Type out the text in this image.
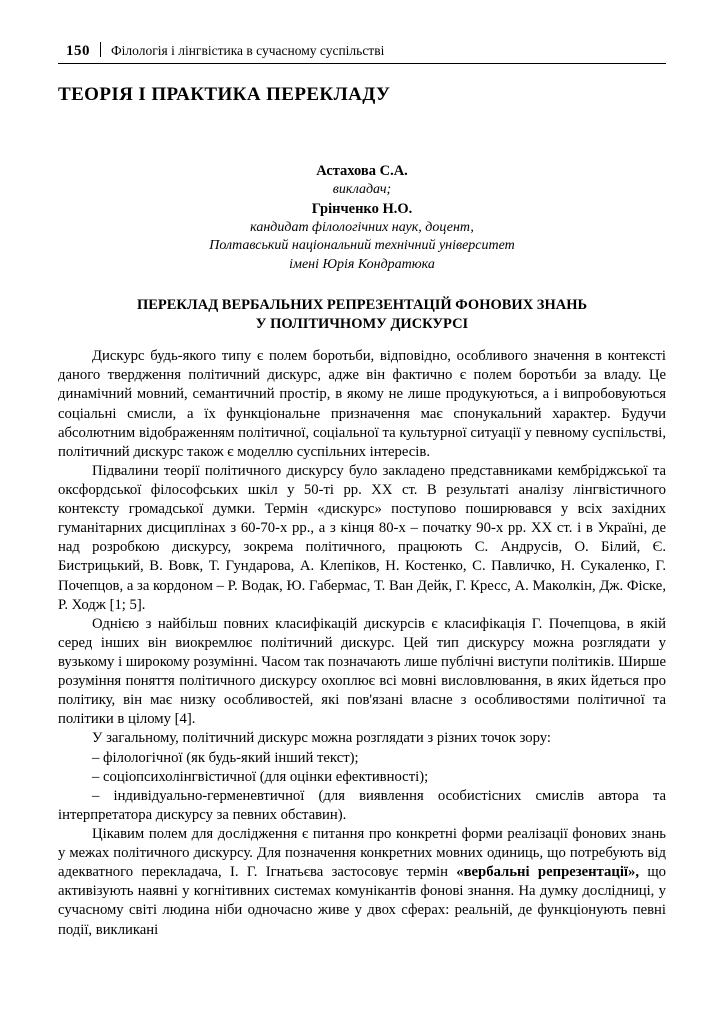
150 Філологія і лінгвістика в сучасному суспільстві
ТЕОРІЯ І ПРАКТИКА ПЕРЕКЛАДУ
Астахова С.А.
викладач;
Грінченко Н.О.
кандидат філологічних наук, доцент,
Полтавський національний технічний університет
імені Юрія Кондратюка
ПЕРЕКЛАД ВЕРБАЛЬНИХ РЕПРЕЗЕНТАЦІЙ ФОНОВИХ ЗНАНЬ
У ПОЛІТИЧНОМУ ДИСКУРСІ

Дискурс будь-якого типу є полем боротьби, відповідно, особливого значення в контексті даного твердження політичний дискурс, адже він фактично є полем боротьби за владу. Це динамічний мовний, семантичний простір, в якому не лише продукуються, а і випробовуються соціальні смисли, а їх функціональне призначення має спонукальний характер. Будучи абсолютним відображенням політичної, соціальної та культурної ситуації у певному суспільстві, політичний дискурс також є моделлю суспільних інтересів.

Підвалини теорії політичного дискурсу було закладено представниками кембріджської та оксфордської філософських шкіл у 50-ті рр. XX ст. В результаті аналізу лінгвістичного контексту громадської думки. Термін «дискурс» поступово поширювався у всіх західних гуманітарних дисциплінах з 60-70-х рр., а з кінця 80-х – початку 90-х рр. XX ст. і в Україні, де над розробкою дискурсу, зокрема політичного, працюють С. Андрусів, О. Білий, Є. Бистрицький, В. Вовк, Т. Гундарова, А. Клепіков, Н. Костенко, С. Павличко, Н. Сукаленко, Г. Почепцов, а за кордоном – Р. Водак, Ю. Габермас, Т. Ван Дейк, Г. Кресс, А. Маколкін, Дж. Фіске, Р. Ходж [1; 5].

Однією з найбільш повних класифікацій дискурсів є класифікація Г. Почепцова, в якій серед інших він виокремлює політичний дискурс. Цей тип дискурсу можна розглядати у вузькому і широкому розумінні. Часом так позначають лише публічні виступи політиків. Ширше розуміння поняття політичного дискурсу охоплює всі мовні висловлювання, в яких йдеться про політику, він має низку особливостей, які пов'язані власне з особливостями політичної та політики в цілому [4].

У загальному, політичний дискурс можна розглядати з різних точок зору:

– філологічної (як будь-який інший текст);

– соціопсихолінгвістичної (для оцінки ефективності);

– індивідуально-герменевтичної (для виявлення особистісних смислів автора та інтерпретатора дискурсу за певних обставин).

Цікавим полем для дослідження є питання про конкретні форми реалізації фонових знань у межах політичного дискурсу. Для позначення конкретних мовних одиниць, що потребують від адекватного перекладача, І. Г. Ігнатьєва застосовує термін «вербальні репрезентації», що активізують наявні у когнітивних системах комунікантів фонові знання. На думку дослідниці, у сучасному світі людина ніби одночасно живе у двох сферах: реальній, де функціонують певні події, викликані
